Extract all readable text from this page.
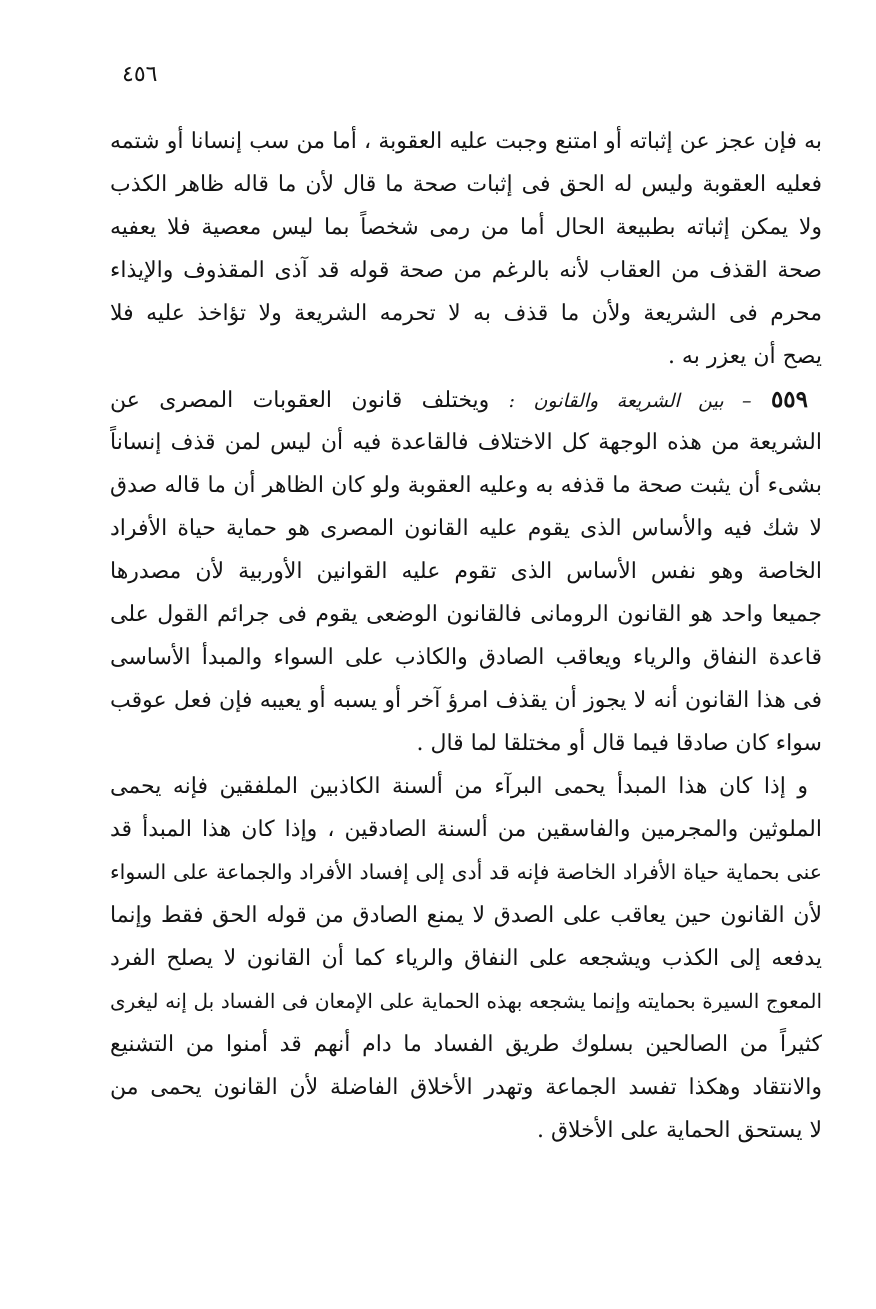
٤٥٦
به فإن عجز عن إثباته أو امتنع وجبت عليه العقوبة ، أما من سب إنسانا أو شتمه
فعليه العقوبة وليس له الحق فى إثبات صحة ما قال لأن ما قاله ظاهر الكذب
ولا يمكن إثباته بطبيعة الحال أما من رمى شخصاً بما ليس معصية فلا يعفيه
صحة القذف من العقاب لأنه بالرغم من صحة قوله قد آذى المقذوف والإيذاء
محرم فى الشريعة ولأن ما قذف به لا تحرمه الشريعة ولا تؤاخذ عليه فلا
يصح أن يعزر به .
٥٥٩ – بين الشريعة والقانون : ويختلف قانون العقوبات المصرى عن
الشريعة من هذه الوجهة كل الاختلاف فالقاعدة فيه أن ليس لمن قذف إنساناً
بشىء أن يثبت صحة ما قذفه به وعليه العقوبة ولو كان الظاهر أن ما قاله صدق
لا شك فيه والأساس الذى يقوم عليه القانون المصرى هو حماية حياة الأفراد
الخاصة وهو نفس الأساس الذى تقوم عليه القوانين الأوربية لأن مصدرها
جميعا واحد هو القانون الرومانى فالقانون الوضعى يقوم فى جرائم القول على
قاعدة النفاق والرياء ويعاقب الصادق والكاذب على السواء والمبدأ الأساسى
فى هذا القانون أنه لا يجوز أن يقذف امرؤ آخر أو يسبه أو يعيبه فإن فعل عوقب
سواء كان صادقا فيما قال أو مختلقا لما قال .
و إذا كان هذا المبدأ يحمى البرآء من ألسنة الكاذبين الملفقين فإنه يحمى
الملوثين والمجرمين والفاسقين من ألسنة الصادقين ، وإذا كان هذا المبدأ قد
عنى بحماية حياة الأفراد الخاصة فإنه قد أدى إلى إفساد الأفراد والجماعة على السواء
لأن القانون حين يعاقب على الصدق لا يمنع الصادق من قوله الحق فقط وإنما
يدفعه إلى الكذب ويشجعه على النفاق والرياء كما أن القانون لا يصلح الفرد
المعوج السيرة بحمايته وإنما يشجعه بهذه الحماية على الإمعان فى الفساد بل إنه ليغرى
كثيراً من الصالحين بسلوك طريق الفساد ما دام أنهم قد أمنوا من التشنيع
والانتقاد وهكذا تفسد الجماعة وتهدر الأخلاق الفاضلة لأن القانون يحمى من
لا يستحق الحماية على الأخلاق .
